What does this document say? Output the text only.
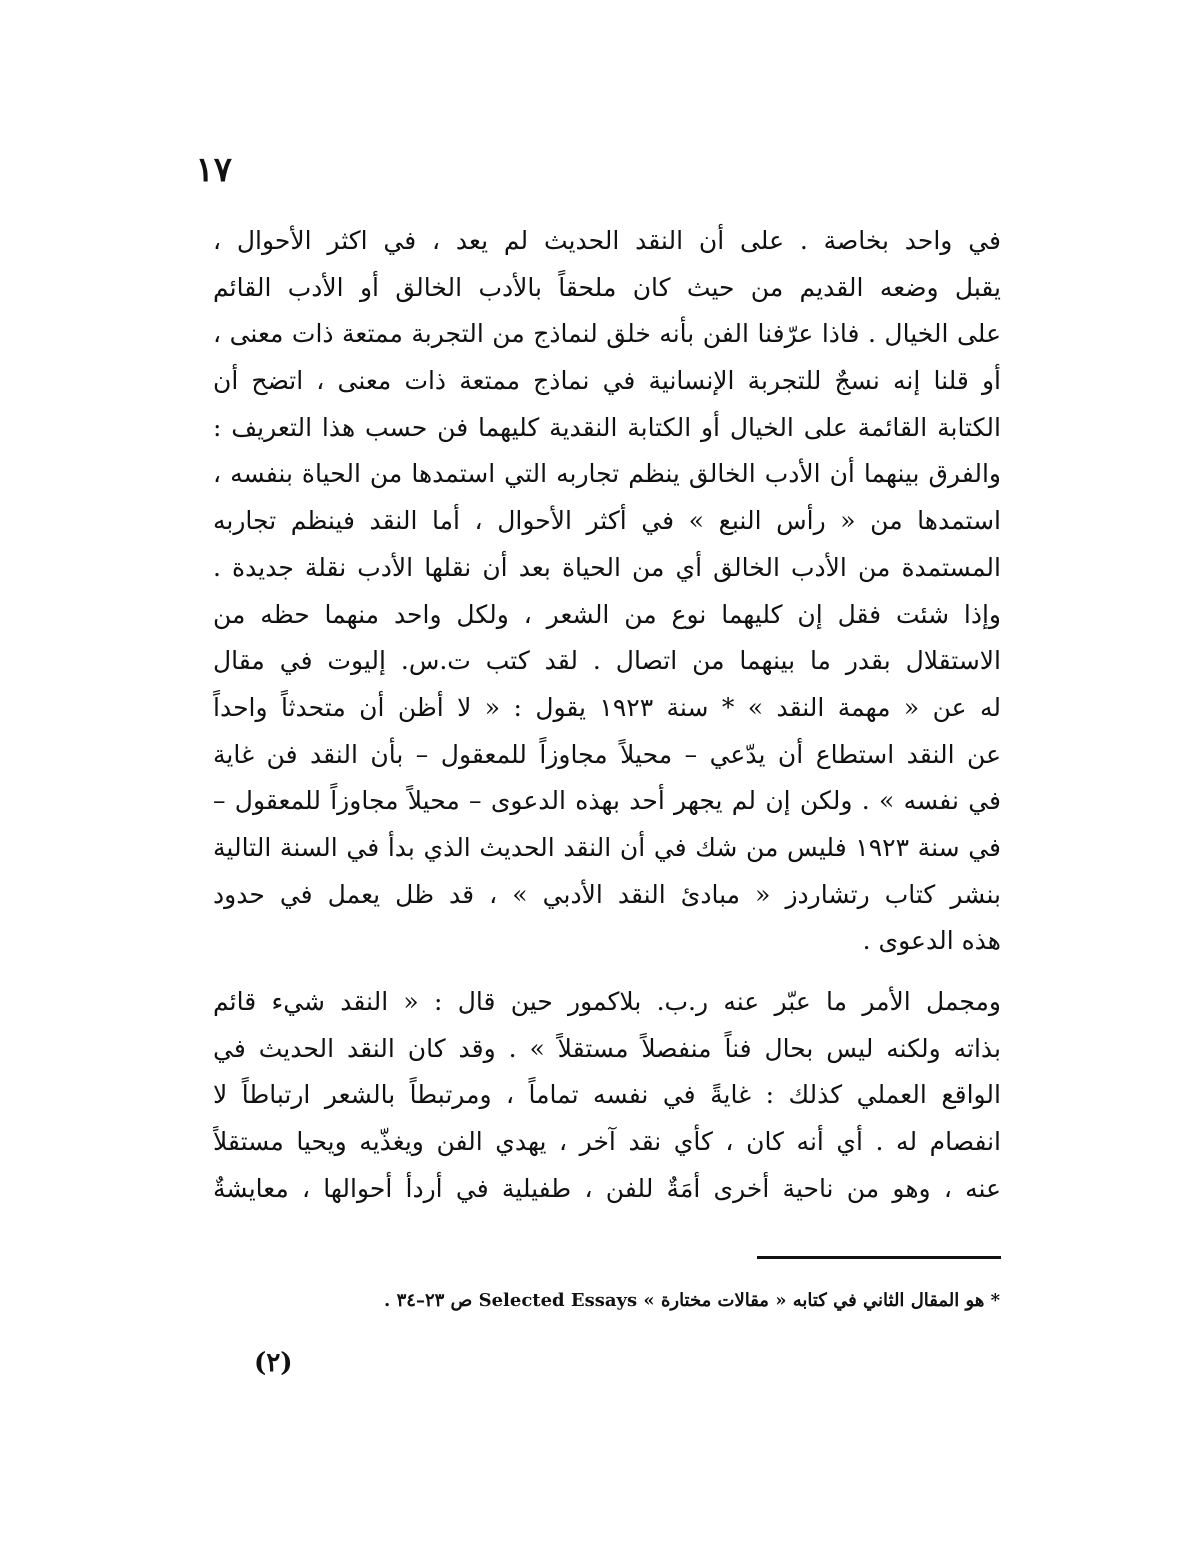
١٧
في واحد بخاصة . على أن النقد الحديث لم يعد ، في اكثر الأحوال ،
يقبل وضعه القديم من حيث كان ملحقاً بالأدب الخالق أو الأدب القائم
على الخيال . فاذا عرّفنا الفن بأنه خلق لنماذج من التجربة ممتعة ذات معنى ،
أو قلنا إنه نسجٌ للتجربة الإنسانية في نماذج ممتعة ذات معنى ، اتضح أن
الكتابة القائمة على الخيال أو الكتابة النقدية كليهما فن حسب هذا التعريف :
والفرق بينهما أن الأدب الخالق ينظم تجاربه التي استمدها من الحياة بنفسه ،
استمدها من « رأس النبع » في أكثر الأحوال ، أما النقد فينظم تجاربه
المستمدة من الأدب الخالق أي من الحياة بعد أن نقلها الأدب نقلة جديدة .
وإذا شئت فقل إن كليهما نوع من الشعر ، ولكل واحد منهما حظه من
الاستقلال بقدر ما بينهما من اتصال . لقد كتب ت.س. إليوت في مقال
له عن « مهمة النقد » * سنة ١٩٢٣ يقول : « لا أظن أن متحدثاً واحداً
عن النقد استطاع أن يدّعي – محيلاً مجاوزاً للمعقول – بأن النقد فن غاية
في نفسه » . ولكن إن لم يجهر أحد بهذه الدعوى – محيلاً مجاوزاً للمعقول –
في سنة ١٩٢٣ فليس من شك في أن النقد الحديث الذي بدأ في السنة التالية
بنشر كتاب رتشاردز « مبادئ النقد الأدبي » ، قد ظل يعمل في حدود
هذه الدعوى .
ومجمل الأمر ما عبّر عنه ر.ب. بلاكمور حين قال : « النقد شيء قائم
بذاته ولكنه ليس بحال فناً منفصلاً مستقلاً » . وقد كان النقد الحديث في
الواقع العملي كذلك : غايةً في نفسه تماماً ، ومرتبطاً بالشعر ارتباطاً لا
انفصام له . أي أنه كان ، كأي نقد آخر ، يهدي الفن ويغذّيه ويحيا مستقلاً
عنه ، وهو من ناحية أخرى أمَةٌ للفن ، طفيلية في أردأ أحوالها ، معايشةٌ
* هو المقال الثاني في كتابه « مقالات مختارة » Selected Essays ص ٢٣–٣٤ .
(٢)
